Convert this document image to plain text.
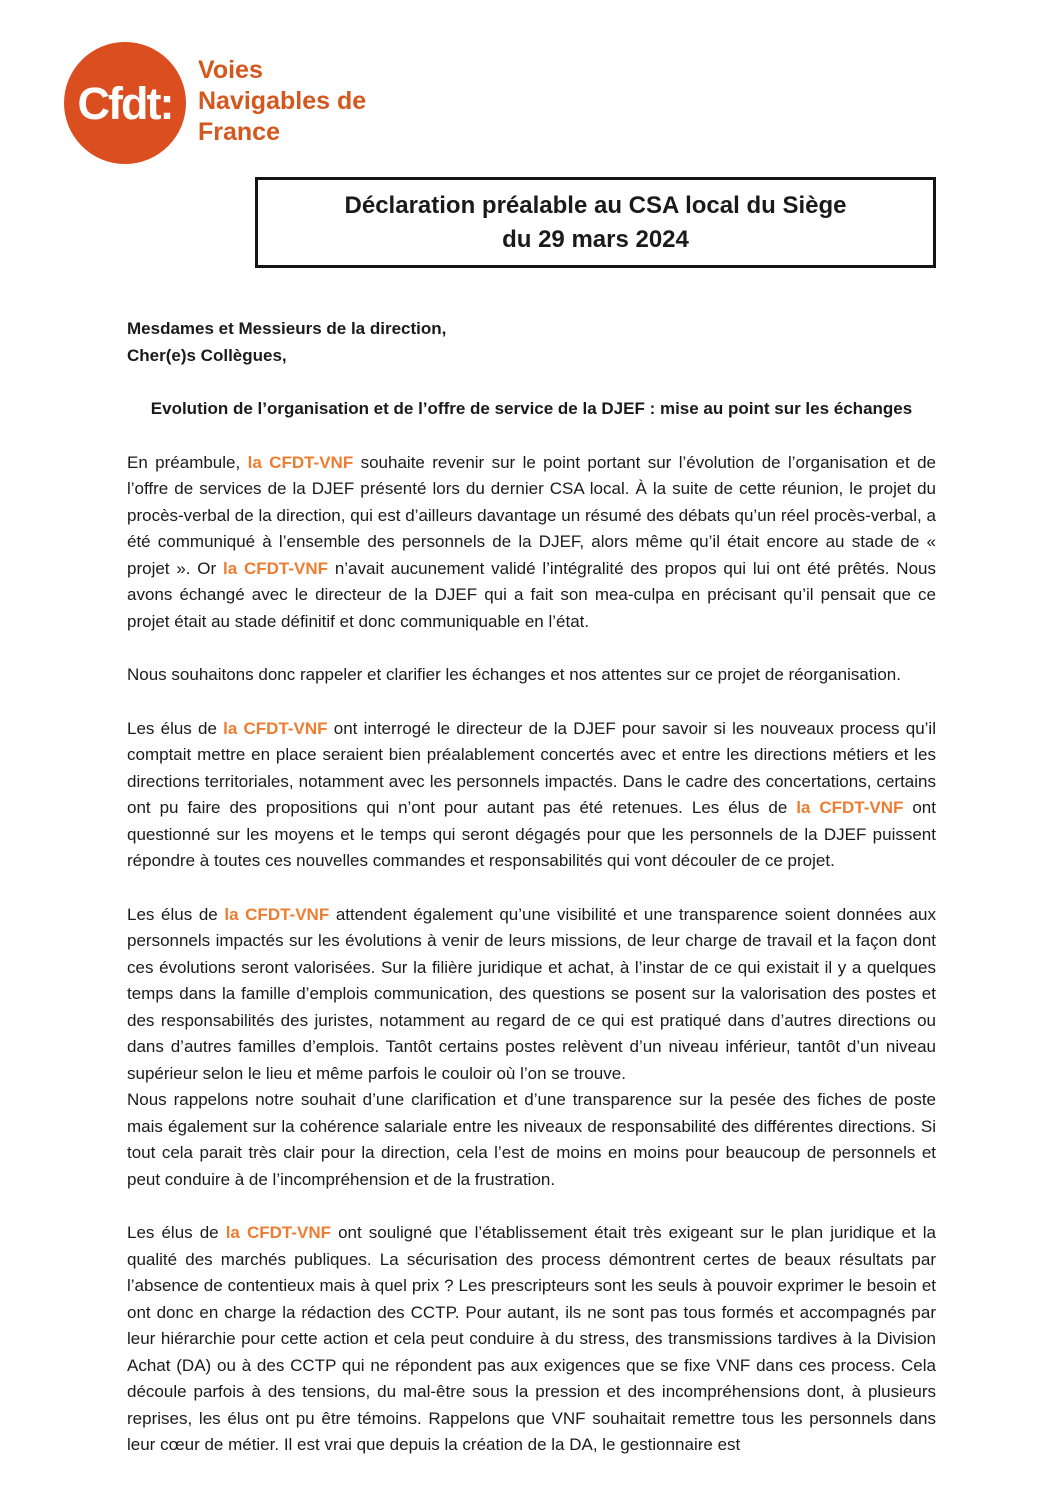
Cfdt:
Voies
Navigables de
France
Déclaration préalable au CSA local du Siège
du 29 mars 2024
Mesdames et Messieurs de la direction,
Cher(e)s Collègues,
Evolution de l’organisation et de l’offre de service de la DJEF : mise au point sur les échanges

En préambule, la CFDT-VNF souhaite revenir sur le point portant sur l’évolution de l’organisation et de l’offre de services de la DJEF présenté lors du dernier CSA local. À la suite de cette réunion, le projet du procès-verbal de la direction, qui est d’ailleurs davantage un résumé des débats qu’un réel procès-verbal, a été communiqué à l’ensemble des personnels de la DJEF, alors même qu’il était encore au stade de « projet ». Or la CFDT-VNF n’avait aucunement validé l’intégralité des propos qui lui ont été prêtés. Nous avons échangé avec le directeur de la DJEF qui a fait son mea-culpa en précisant qu’il pensait que ce projet était au stade définitif et donc communiquable en l’état.

Nous souhaitons donc rappeler et clarifier les échanges et nos attentes sur ce projet de réorganisation.

Les élus de la CFDT-VNF ont interrogé le directeur de la DJEF pour savoir si les nouveaux process qu’il comptait mettre en place seraient bien préalablement concertés avec et entre les directions métiers et les directions territoriales, notamment avec les personnels impactés. Dans le cadre des concertations, certains ont pu faire des propositions qui n’ont pour autant pas été retenues. Les élus de la CFDT-VNF ont questionné sur les moyens et le temps qui seront dégagés pour que les personnels de la DJEF puissent répondre à toutes ces nouvelles commandes et responsabilités qui vont découler de ce projet.

Les élus de la CFDT-VNF attendent également qu’une visibilité et une transparence soient données aux personnels impactés sur les évolutions à venir de leurs missions, de leur charge de travail et la façon dont ces évolutions seront valorisées. Sur la filière juridique et achat, à l’instar de ce qui existait il y a quelques temps dans la famille d’emplois communication, des questions se posent sur la valorisation des postes et des responsabilités des juristes, notamment au regard de ce qui est pratiqué dans d’autres directions ou dans d’autres familles d’emplois. Tantôt certains postes relèvent d’un niveau inférieur, tantôt d’un niveau supérieur selon le lieu et même parfois le couloir où l’on se trouve.

Nous rappelons notre souhait d’une clarification et d’une transparence sur la pesée des fiches de poste mais également sur la cohérence salariale entre les niveaux de responsabilité des différentes directions. Si tout cela parait très clair pour la direction, cela l’est de moins en moins pour beaucoup de personnels et peut conduire à de l’incompréhension et de la frustration.

Les élus de la CFDT-VNF ont souligné que l’établissement était très exigeant sur le plan juridique et la qualité des marchés publiques. La sécurisation des process démontrent certes de beaux résultats par l’absence de contentieux mais à quel prix ? Les prescripteurs sont les seuls à pouvoir exprimer le besoin et ont donc en charge la rédaction des CCTP. Pour autant, ils ne sont pas tous formés et accompagnés par leur hiérarchie pour cette action et cela peut conduire à du stress, des transmissions tardives à la Division Achat (DA) ou à des CCTP qui ne répondent pas aux exigences que se fixe VNF dans ces process. Cela découle parfois à des tensions, du mal-être sous la pression et des incompréhensions dont, à plusieurs reprises, les élus ont pu être témoins. Rappelons que VNF souhaitait remettre tous les personnels dans leur cœur de métier. Il est vrai que depuis la création de la DA, le gestionnaire est
